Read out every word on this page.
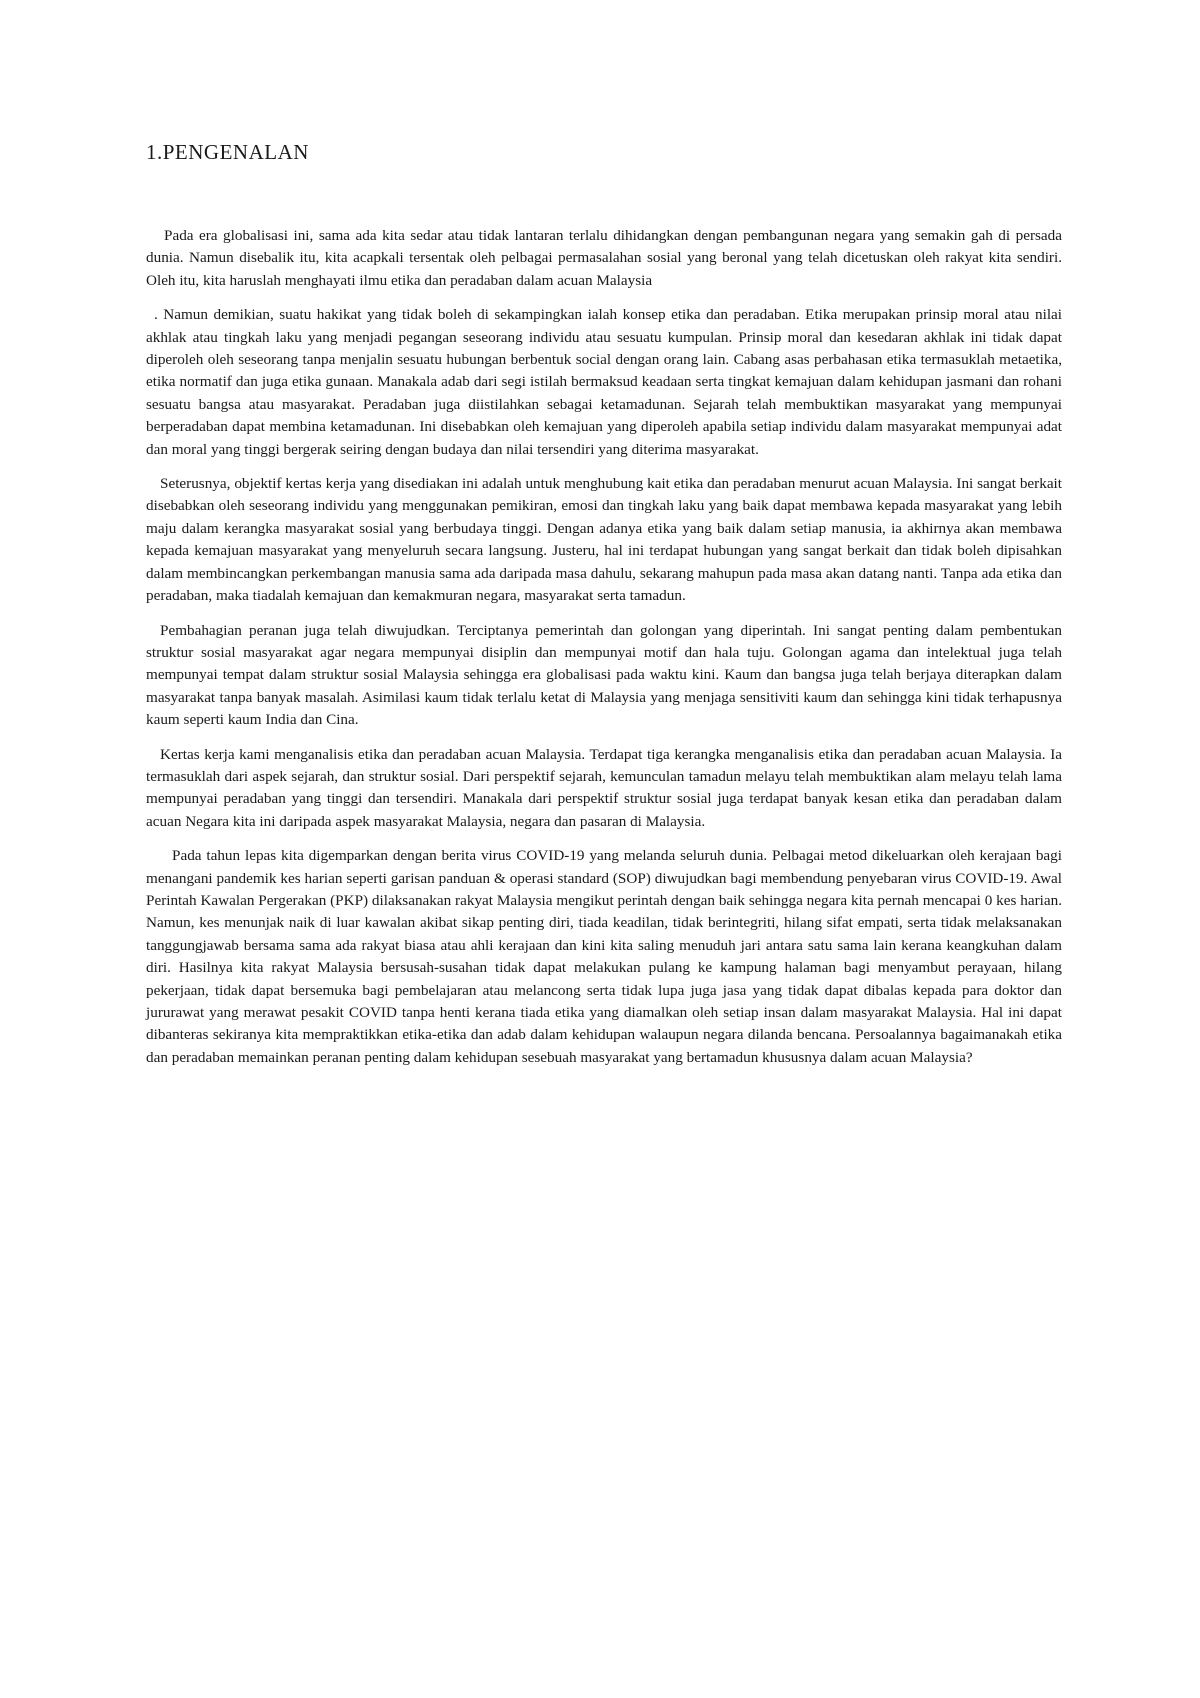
1.PENGENALAN

Pada era globalisasi ini, sama ada kita sedar atau tidak lantaran terlalu dihidangkan dengan pembangunan negara yang semakin gah di persada dunia. Namun disebalik itu, kita acapkali tersentak oleh pelbagai permasalahan sosial yang beronal yang telah dicetuskan oleh rakyat kita sendiri. Oleh itu, kita haruslah menghayati ilmu etika dan peradaban dalam acuan Malaysia

. Namun demikian, suatu hakikat yang tidak boleh di sekampingkan ialah konsep etika dan peradaban. Etika merupakan prinsip moral atau nilai akhlak atau tingkah laku yang menjadi pegangan seseorang individu atau sesuatu kumpulan. Prinsip moral dan kesedaran akhlak ini tidak dapat diperoleh oleh seseorang tanpa menjalin sesuatu hubungan berbentuk social dengan orang lain. Cabang asas perbahasan etika termasuklah metaetika, etika normatif dan juga etika gunaan. Manakala adab dari segi istilah bermaksud keadaan serta tingkat kemajuan dalam kehidupan jasmani dan rohani sesuatu bangsa atau masyarakat. Peradaban juga diistilahkan sebagai ketamadunan. Sejarah telah membuktikan masyarakat yang mempunyai berperadaban dapat membina ketamadunan. Ini disebabkan oleh kemajuan yang diperoleh apabila setiap individu dalam masyarakat mempunyai adat dan moral yang tinggi bergerak seiring dengan budaya dan nilai tersendiri yang diterima masyarakat.

Seterusnya, objektif kertas kerja yang disediakan ini adalah untuk menghubung kait etika dan peradaban menurut acuan Malaysia. Ini sangat berkait disebabkan oleh seseorang individu yang menggunakan pemikiran, emosi dan tingkah laku yang baik dapat membawa kepada masyarakat yang lebih maju dalam kerangka masyarakat sosial yang berbudaya tinggi. Dengan adanya etika yang baik dalam setiap manusia, ia akhirnya akan membawa kepada kemajuan masyarakat yang menyeluruh secara langsung. Justeru, hal ini terdapat hubungan yang sangat berkait dan tidak boleh dipisahkan dalam membincangkan perkembangan manusia sama ada daripada masa dahulu, sekarang mahupun pada masa akan datang nanti. Tanpa ada etika dan peradaban, maka tiadalah kemajuan dan kemakmuran negara, masyarakat serta tamadun.

Pembahagian peranan juga telah diwujudkan. Terciptanya pemerintah dan golongan yang diperintah. Ini sangat penting dalam pembentukan struktur sosial masyarakat agar negara mempunyai disiplin dan mempunyai motif dan hala tuju. Golongan agama dan intelektual juga telah mempunyai tempat dalam struktur sosial Malaysia sehingga era globalisasi pada waktu kini. Kaum dan bangsa juga telah berjaya diterapkan dalam masyarakat tanpa banyak masalah. Asimilasi kaum tidak terlalu ketat di Malaysia yang menjaga sensitiviti kaum dan sehingga kini tidak terhapusnya kaum seperti kaum India dan Cina.

Kertas kerja kami menganalisis etika dan peradaban acuan Malaysia. Terdapat tiga kerangka menganalisis etika dan peradaban acuan Malaysia. Ia termasuklah dari aspek sejarah, dan struktur sosial. Dari perspektif sejarah, kemunculan tamadun melayu telah membuktikan alam melayu telah lama mempunyai peradaban yang tinggi dan tersendiri. Manakala dari perspektif struktur sosial juga terdapat banyak kesan etika dan peradaban dalam acuan Negara kita ini daripada aspek masyarakat Malaysia, negara dan pasaran di Malaysia.

Pada tahun lepas kita digemparkan dengan berita virus COVID-19 yang melanda seluruh dunia. Pelbagai metod dikeluarkan oleh kerajaan bagi menangani pandemik kes harian seperti garisan panduan & operasi standard (SOP) diwujudkan bagi membendung penyebaran virus COVID-19. Awal Perintah Kawalan Pergerakan (PKP) dilaksanakan rakyat Malaysia mengikut perintah dengan baik sehingga negara kita pernah mencapai 0 kes harian. Namun, kes menunjak naik di luar kawalan akibat sikap penting diri, tiada keadilan, tidak berintegriti, hilang sifat empati, serta tidak melaksanakan tanggungjawab bersama sama ada rakyat biasa atau ahli kerajaan dan kini kita saling menuduh jari antara satu sama lain kerana keangkuhan dalam diri. Hasilnya kita rakyat Malaysia bersusah-susahan tidak dapat melakukan pulang ke kampung halaman bagi menyambut perayaan, hilang pekerjaan, tidak dapat bersemuka bagi pembelajaran atau melancong serta tidak lupa juga jasa yang tidak dapat dibalas kepada para doktor dan jururawat yang merawat pesakit COVID tanpa henti kerana tiada etika yang diamalkan oleh setiap insan dalam masyarakat Malaysia. Hal ini dapat dibanteras sekiranya kita mempraktikkan etika-etika dan adab dalam kehidupan walaupun negara dilanda bencana. Persoalannya bagaimanakah etika dan peradaban memainkan peranan penting dalam kehidupan sesebuah masyarakat yang bertamadun khususnya dalam acuan Malaysia?
